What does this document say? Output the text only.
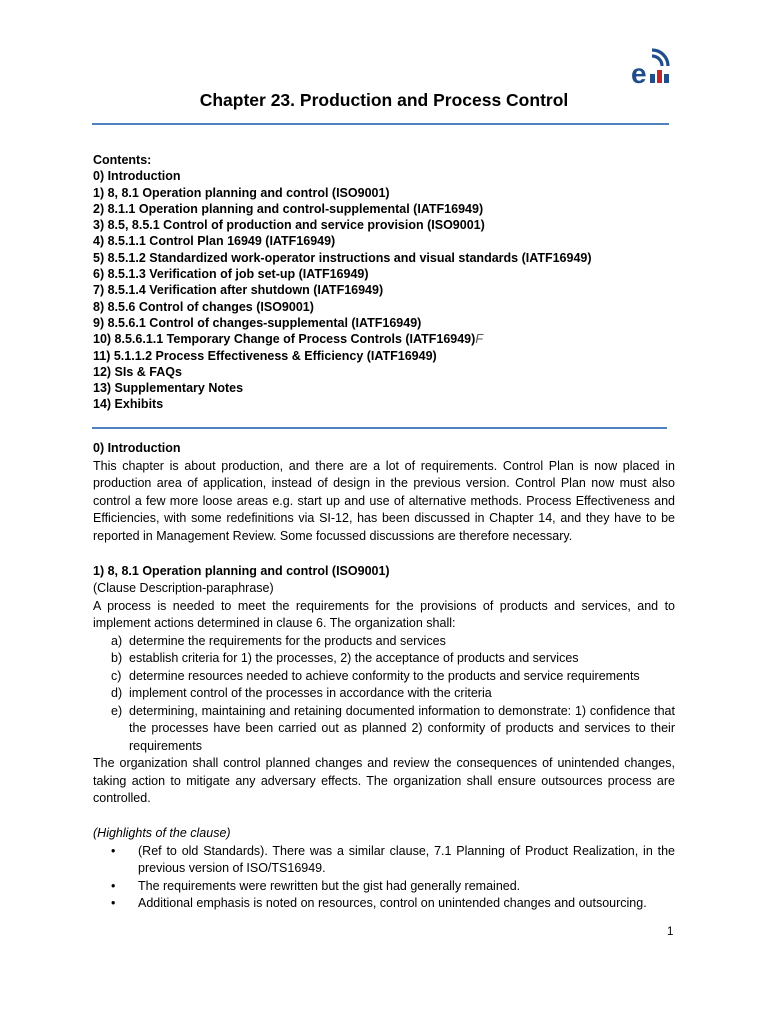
e
Chapter 23. Production and Process Control
Contents:
0) Introduction
1) 8, 8.1 Operation planning and control (ISO9001)
2) 8.1.1 Operation planning and control-supplemental (IATF16949)
3) 8.5, 8.5.1 Control of production and service provision (ISO9001)
4) 8.5.1.1 Control Plan 16949 (IATF16949)
5) 8.5.1.2 Standardized work-operator instructions and visual standards (IATF16949)
6) 8.5.1.3 Verification of job set-up (IATF16949)
7) 8.5.1.4 Verification after shutdown (IATF16949)
8) 8.5.6 Control of changes (ISO9001)
9) 8.5.6.1 Control of changes-supplemental (IATF16949)
10) 8.5.6.1.1 Temporary Change of Process Controls (IATF16949)F
11) 5.1.1.2 Process Effectiveness & Efficiency (IATF16949)
12) SIs & FAQs
13) Supplementary Notes
14) Exhibits

0) Introduction

This chapter is about production, and there are a lot of requirements. Control Plan is now placed in production area of application, instead of design in the previous version. Control Plan now must also control a few more loose areas e.g. start up and use of alternative methods. Process Effectiveness and Efficiencies, with some redefinitions via SI-12, has been discussed in Chapter 14, and they have to be reported in Management Review. Some focussed discussions are therefore necessary.

1) 8, 8.1 Operation planning and control (ISO9001)

(Clause Description-paraphrase)

A process is needed to meet the requirements for the provisions of products and services, and to implement actions determined in clause 6. The organization shall:

a) determine the requirements for the products and services
b) establish criteria for 1) the processes, 2) the acceptance of products and services
c) determine resources needed to achieve conformity to the products and service requirements
d) implement control of the processes in accordance with the criteria
e) determining, maintaining and retaining documented information to demonstrate: 1) confidence that the processes have been carried out as planned 2) conformity of products and services to their requirements

The organization shall control planned changes and review the consequences of unintended changes, taking action to mitigate any adversary effects. The organization shall ensure outsources process are controlled.

(Highlights of the clause)

• (Ref to old Standards). There was a similar clause, 7.1 Planning of Product Realization, in the previous version of ISO/TS16949.
• The requirements were rewritten but the gist had generally remained.
• Additional emphasis is noted on resources, control on unintended changes and outsourcing.
1
